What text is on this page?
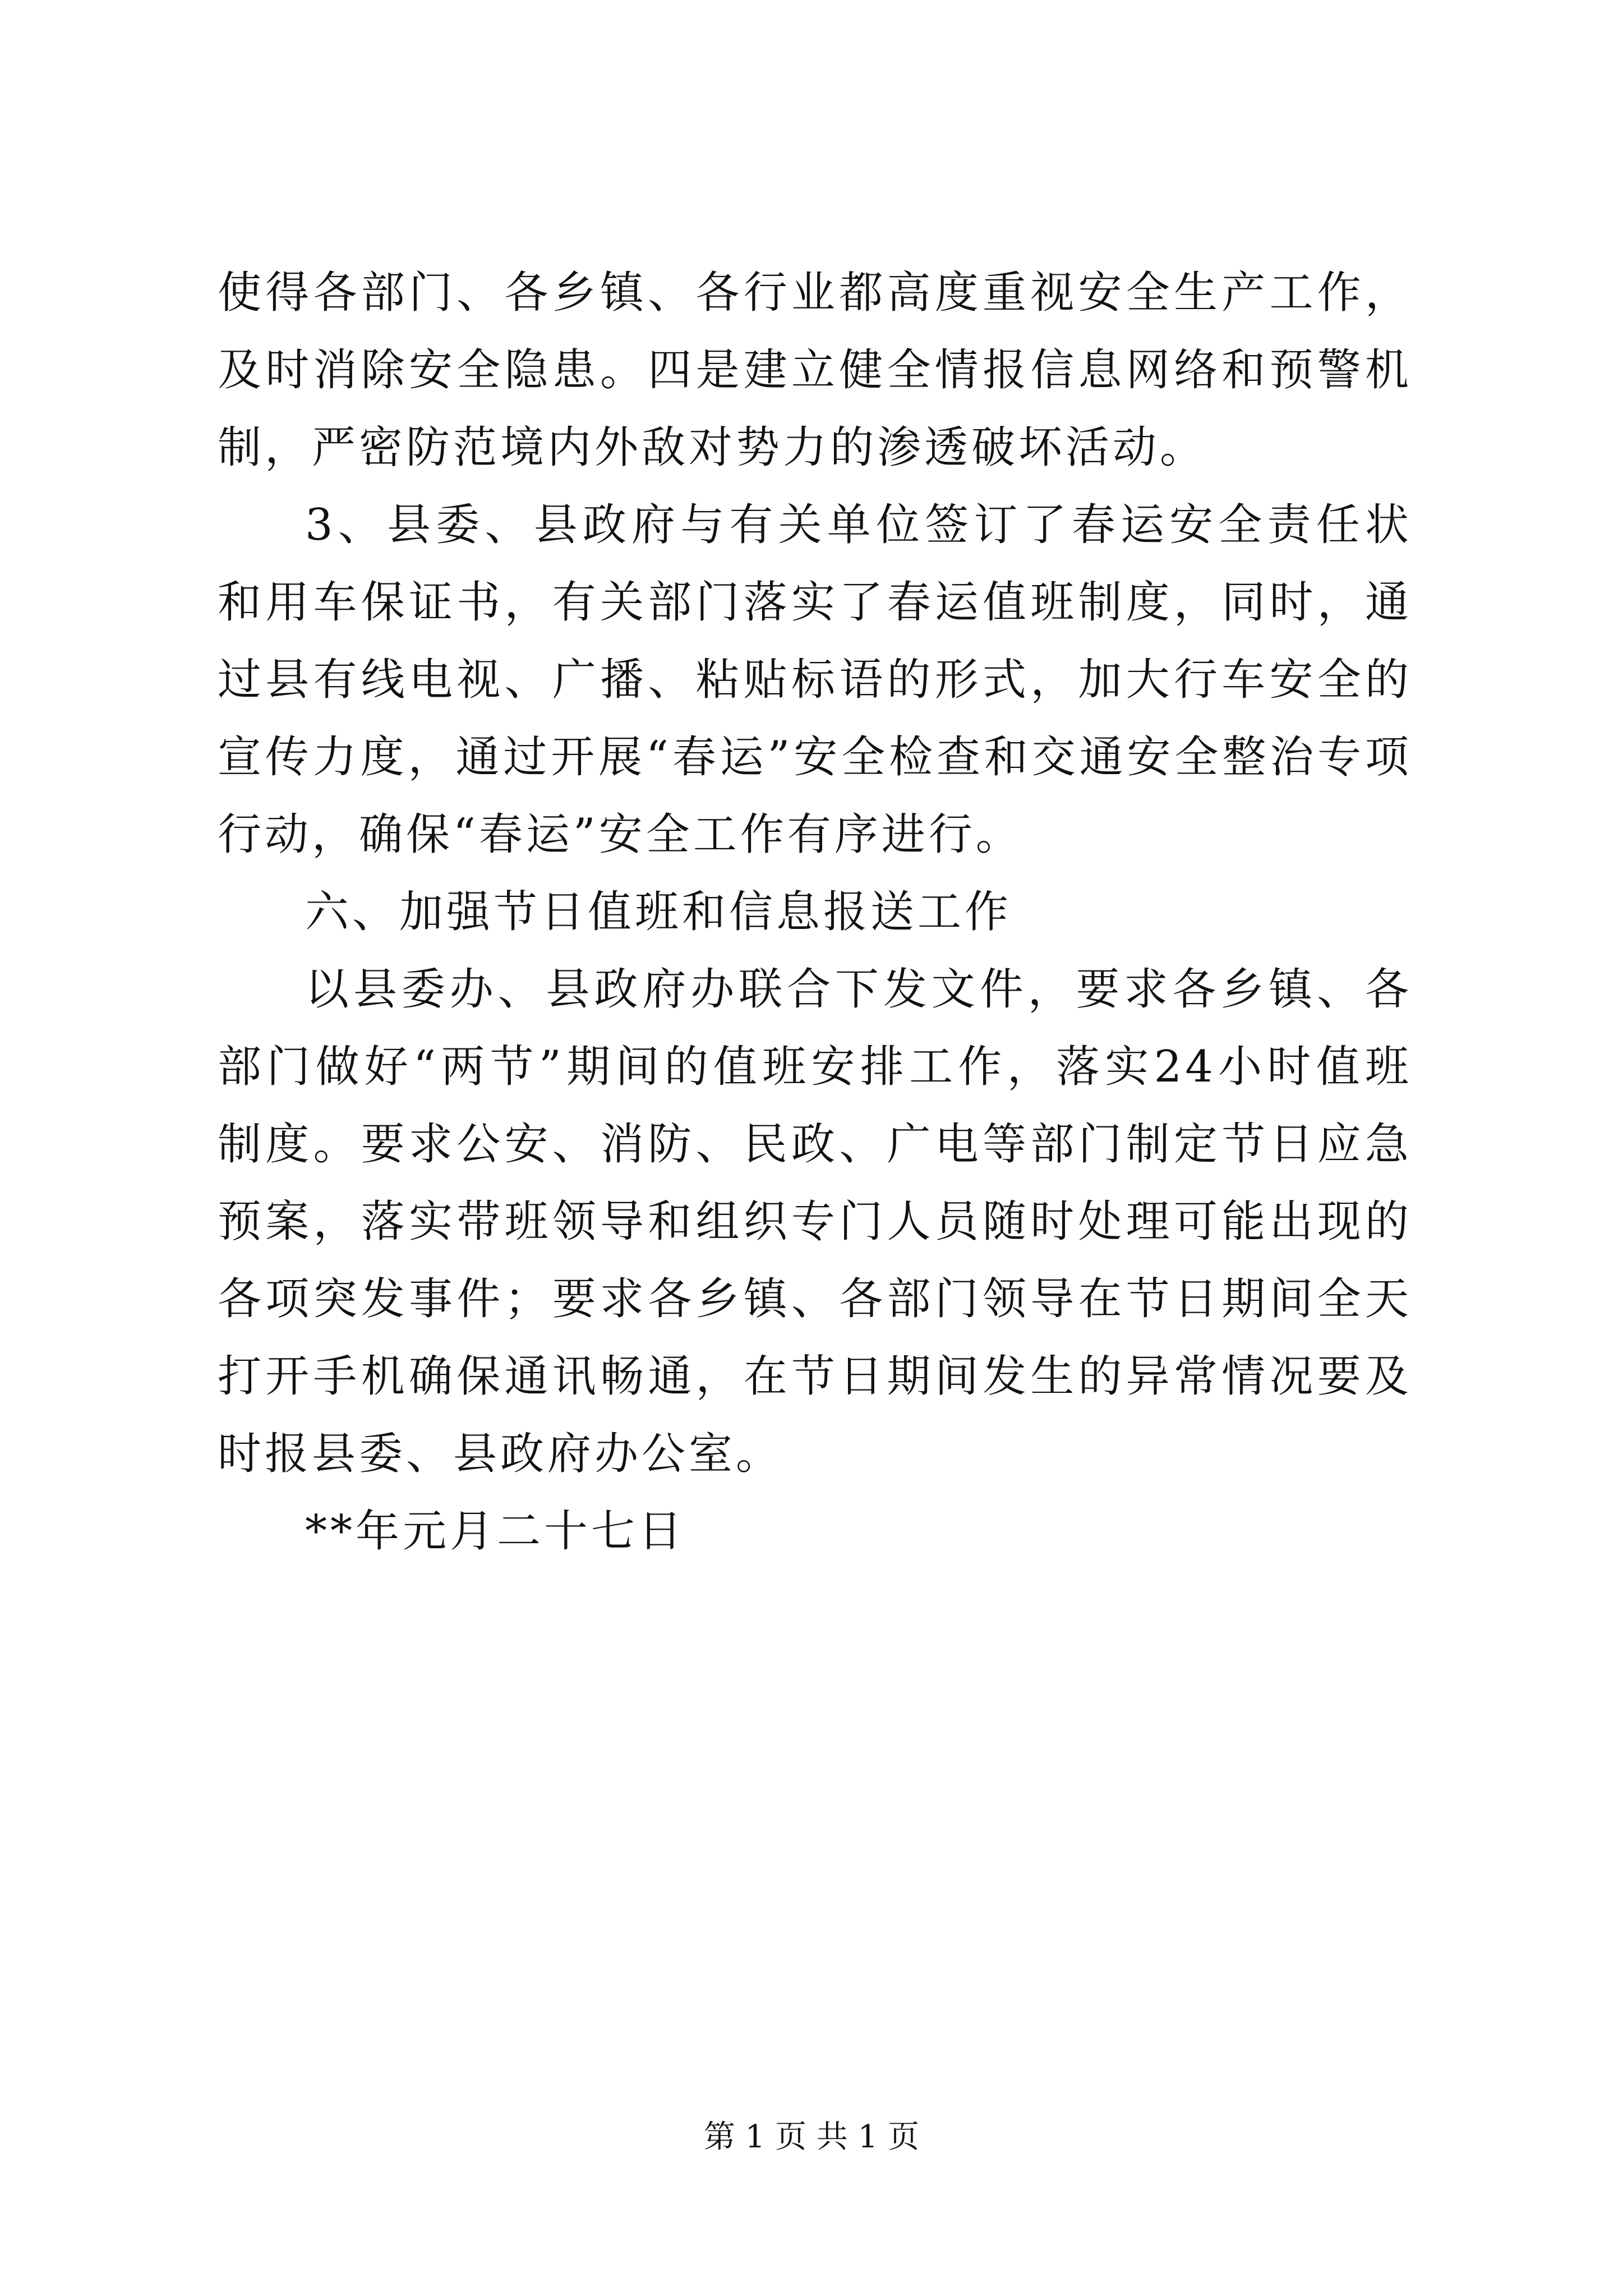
使得各部门、各乡镇、各行业都高度重视安全生产工作，及时消除安全隐患。四是建立健全情报信息网络和预警机制，严密防范境内外敌对势力的渗透破坏活动。

3、县委、县政府与有关单位签订了春运安全责任状和用车保证书，有关部门落实了春运值班制度，同时，通过县有线电视、广播、粘贴标语的形式，加大行车安全的宣传力度，通过开展“春运”安全检查和交通安全整治专项行动，确保“春运”安全工作有序进行。

六、加强节日值班和信息报送工作

以县委办、县政府办联合下发文件，要求各乡镇、各部门做好“两节”期间的值班安排工作，落实24小时值班制度。要求公安、消防、民政、广电等部门制定节日应急预案，落实带班领导和组织专门人员随时处理可能出现的各项突发事件；要求各乡镇、各部门领导在节日期间全天打开手机确保通讯畅通，在节日期间发生的异常情况要及时报县委、县政府办公室。

**年元月二十七日

第 1 页 共 1 页
